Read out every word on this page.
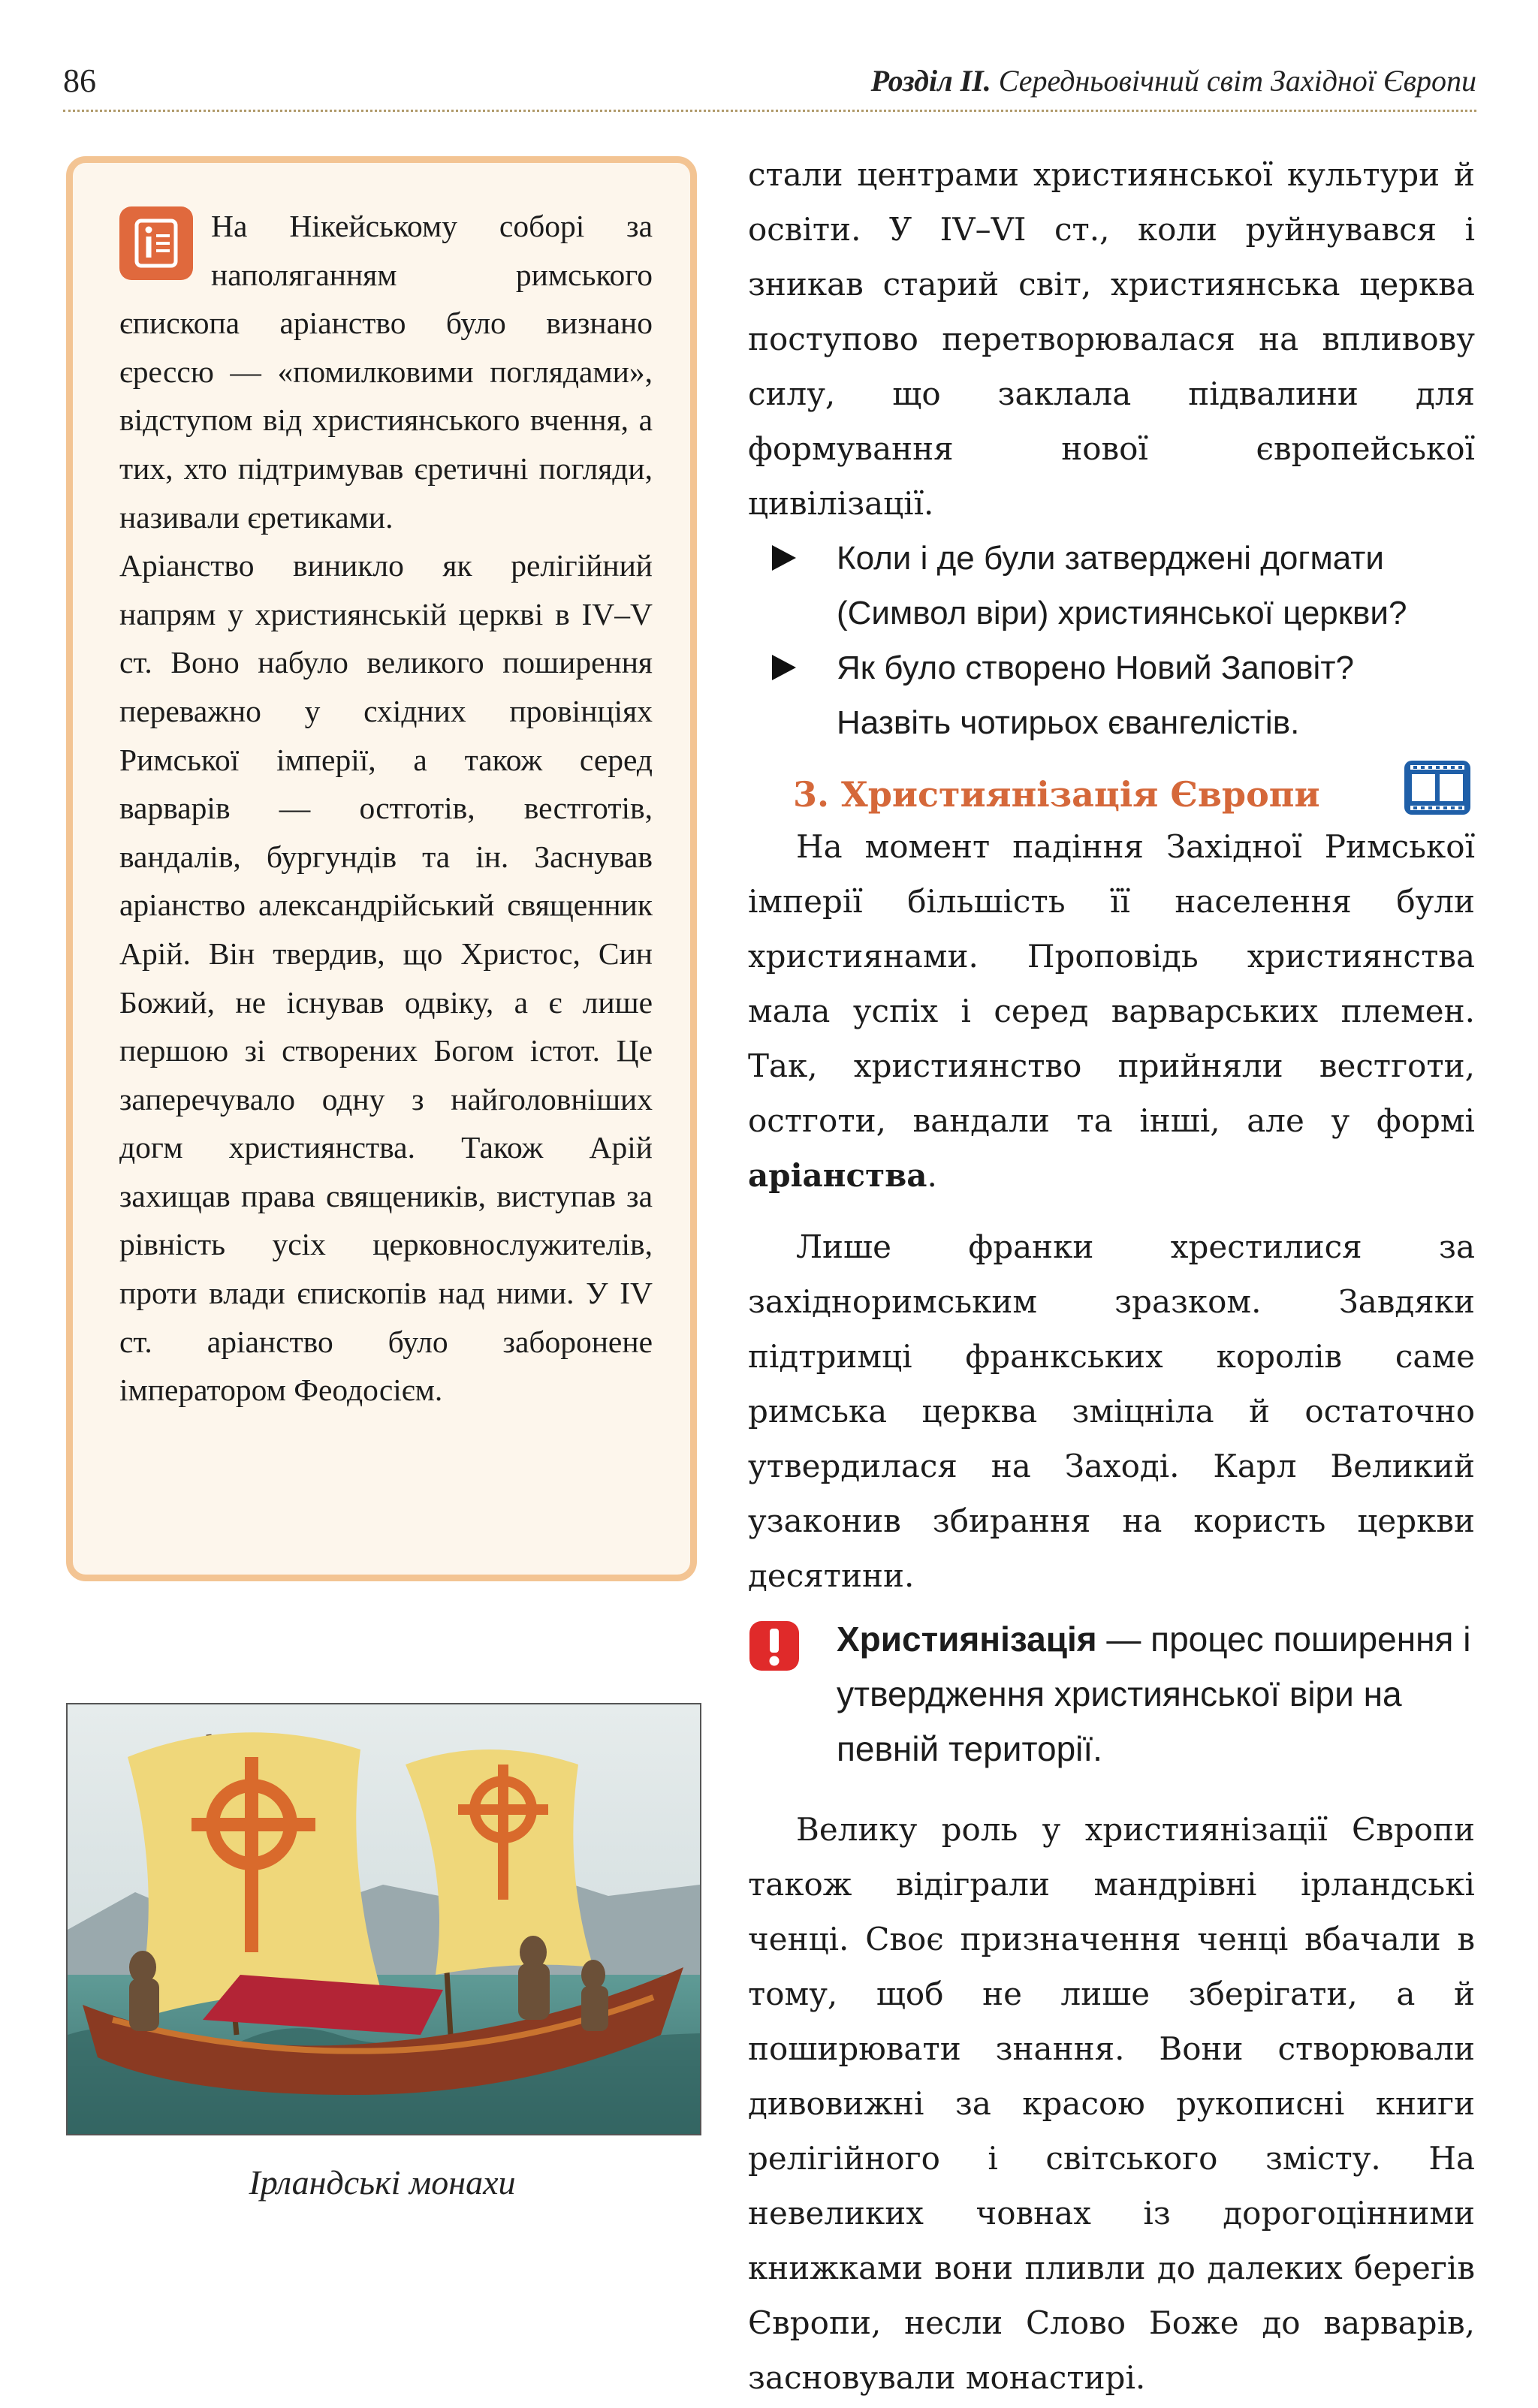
86	Розділ II. Середньовічний світ Західної Європи

На Нікейському соборі за наполяганням римського єпископа аріанство було визнано єрессю — «помилковими поглядами», відступом від християнського вчення, а тих, хто підтримував єретичні погляди, називали єретиками.

Аріанство виникло як релігійний напрям у християнській церкві в IV–V ст. Воно набуло великого поширення переважно у східних провінціях Римської імперії, а також серед варварів — остготів, вестготів, вандалів, бургундів та ін. Заснував аріанство александрійський священник Арій. Він твердив, що Христос, Син Божий, не існував одвіку, а є лише першою зі створених Богом істот. Це заперечувало одну з найголовніших догм християнства. Також Арій захищав права священиків, виступав за рівність усіх церковнослужителів, проти влади єпископів над ними. У IV ст. аріанство було заборонене імператором Феодосієм.

Ірландські монахи

стали центрами християнської культури й освіти. У IV–VI ст., коли руйнувався і зникав старий світ, християнська церква поступово перетворювалася на впливову силу, що заклала підвалини для формування нової європейської цивілізації.

Коли і де були затверджені догмати (Символ віри) християнської церкви?

Як було створено Новий Заповіт? Назвіть чотирьох євангелістів.

3. Християнізація Європи

На момент падіння Західної Римської імперії більшість її населення були християнами. Проповідь християнства мала успіх і серед варварських племен. Так, християнство прийняли вестготи, остготи, вандали та інші, але у формі аріанства.

Лише франки хрестилися за західноримським зразком. Завдяки підтримці франкських королів саме римська церква зміцніла й остаточно утвердилася на Заході. Карл Великий узаконив збирання на користь церкви десятини.

Християнізація — процес поширення і утвердження християнської віри на певній території.

Велику роль у християнізації Європи також відіграли мандрівні ірландські ченці. Своє призначення ченці вбачали в тому, щоб не лише зберігати, а й поширювати знання. Вони створювали дивовижні за красою рукописні книги релігійного і світського змісту. На невеликих човнах із дорогоцінними книжками вони пливли до далеких берегів Європи, несли Слово Боже до варварів, засновували монастирі.
